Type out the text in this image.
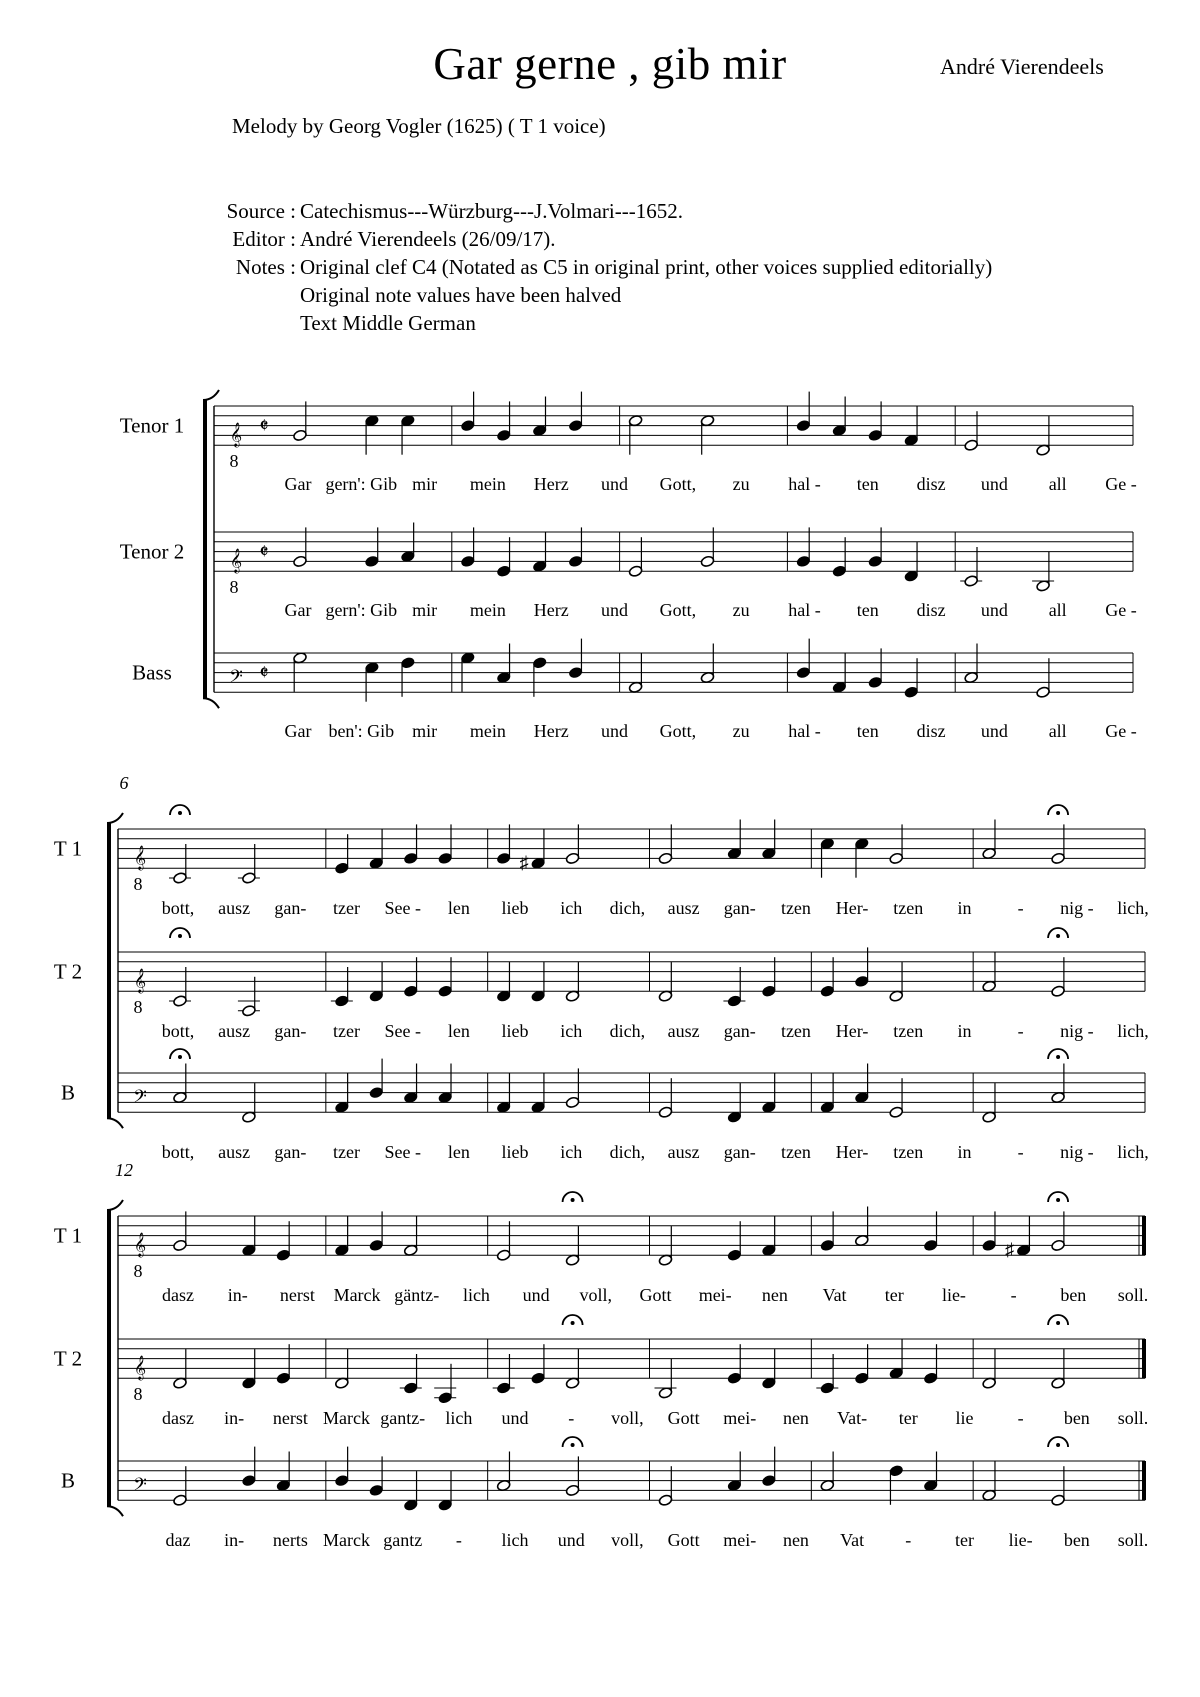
Gar gerne , gib mir	André Vierendeels
Melody by Georg Vogler (1625) ( T 1 voice)
Source : Catechismus---Würzburg---J.Volmari---1652.
Editor : André Vierendeels (26/09/17).
Notes : Original clef C4 (Notated as C5 in original print, other voices supplied editorially)
Original note values have been halved
Text Middle German
Tenor 1 𝄞
8
𝄵
Gar gern': Gib mir mein Herz und Gott, zu hal - ten disz und all Ge -
Tenor 2 𝄞
8
𝄵
Gar gern': Gib mir mein Herz und Gott, zu hal - ten disz und all Ge -
Bass	𝄢 𝄵
Gar ben': Gib mir mein Herz und Gott, zu hal - ten disz und all Ge -
6
T 1 𝄞
8
♯
bott, ausz gan- tzer See - len lieb ich dich, ausz gan- tzen Her- tzen in	- nig - lich,
T 2 𝄞
8
bott, ausz gan- tzer See - len lieb ich dich, ausz gan- tzen Her- tzen in	- nig - lich,
B	𝄢
bott, ausz gan- tzer See - len lieb ich dich, ausz gan- tzen Her- tzen in	- nig - lich,
12
T 1 𝄞
8
♯
dasz in- nerst Marck gäntz- lich und voll, Gott mei- nen Vat ter lie- - ben soll.
T 2 𝄞
8
dasz in- nerst Marck gantz- lich und - voll, Gott mei- nen Vat- ter lie - ben soll.
B	𝄢
daz in- nerts Marck gantz - lich und voll, Gott mei- nen Vat - ter lie- ben soll.
